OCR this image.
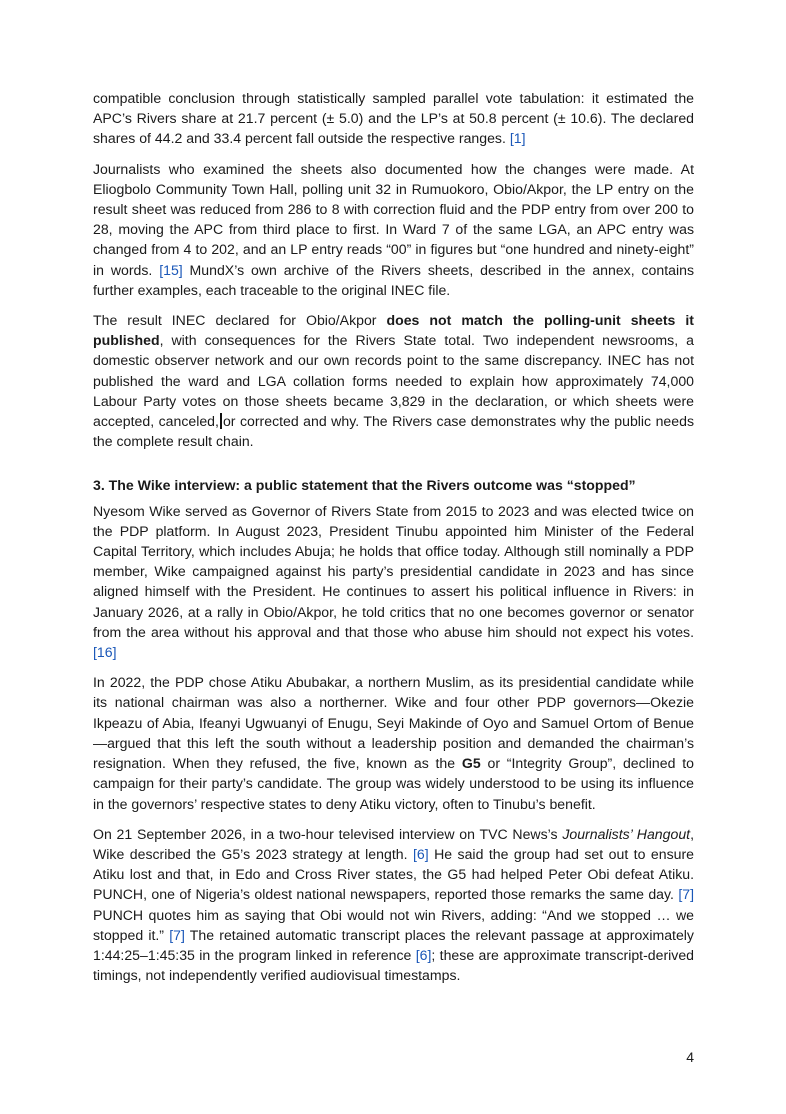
compatible conclusion through statistically sampled parallel vote tabulation: it estimated the APC’s Rivers share at 21.7 percent (± 5.0) and the LP’s at 50.8 percent (± 10.6). The declared shares of 44.2 and 33.4 percent fall outside the respective ranges. [1]

Journalists who examined the sheets also documented how the changes were made. At Eliogbolo Community Town Hall, polling unit 32 in Rumuokoro, Obio/Akpor, the LP entry on the result sheet was reduced from 286 to 8 with correction fluid and the PDP entry from over 200 to 28, moving the APC from third place to first. In Ward 7 of the same LGA, an APC entry was changed from 4 to 202, and an LP entry reads “00” in figures but “one hundred and ninety-eight” in words. [15] MundX’s own archive of the Rivers sheets, described in the annex, contains further examples, each traceable to the original INEC file.

The result INEC declared for Obio/Akpor does not match the polling-unit sheets it published, with consequences for the Rivers State total. Two independent newsrooms, a domestic observer network and our own records point to the same discrepancy. INEC has not published the ward and LGA collation forms needed to explain how approximately 74,000 Labour Party votes on those sheets became 3,829 in the declaration, or which sheets were accepted, canceled, or corrected and why. The Rivers case demonstrates why the public needs the complete result chain.

3. The Wike interview: a public statement that the Rivers outcome was “stopped”

Nyesom Wike served as Governor of Rivers State from 2015 to 2023 and was elected twice on the PDP platform. In August 2023, President Tinubu appointed him Minister of the Federal Capital Territory, which includes Abuja; he holds that office today. Although still nominally a PDP member, Wike campaigned against his party’s presidential candidate in 2023 and has since aligned himself with the President. He continues to assert his political influence in Rivers: in January 2026, at a rally in Obio/Akpor, he told critics that no one becomes governor or senator from the area without his approval and that those who abuse him should not expect his votes. [16]

In 2022, the PDP chose Atiku Abubakar, a northern Muslim, as its presidential candidate while its national chairman was also a northerner. Wike and four other PDP governors—Okezie Ikpeazu of Abia, Ifeanyi Ugwuanyi of Enugu, Seyi Makinde of Oyo and Samuel Ortom of Benue—argued that this left the south without a leadership position and demanded the chairman’s resignation. When they refused, the five, known as the G5 or “Integrity Group”, declined to campaign for their party’s candidate. The group was widely understood to be using its influence in the governors’ respective states to deny Atiku victory, often to Tinubu’s benefit.

On 21 September 2026, in a two-hour televised interview on TVC News’s Journalists’ Hangout, Wike described the G5’s 2023 strategy at length. [6] He said the group had set out to ensure Atiku lost and that, in Edo and Cross River states, the G5 had helped Peter Obi defeat Atiku. PUNCH, one of Nigeria’s oldest national newspapers, reported those remarks the same day. [7] PUNCH quotes him as saying that Obi would not win Rivers, adding: “And we stopped … we stopped it.” [7] The retained automatic transcript places the relevant passage at approximately 1:44:25–1:45:35 in the program linked in reference [6]; these are approximate transcript-derived timings, not independently verified audiovisual timestamps.

4
